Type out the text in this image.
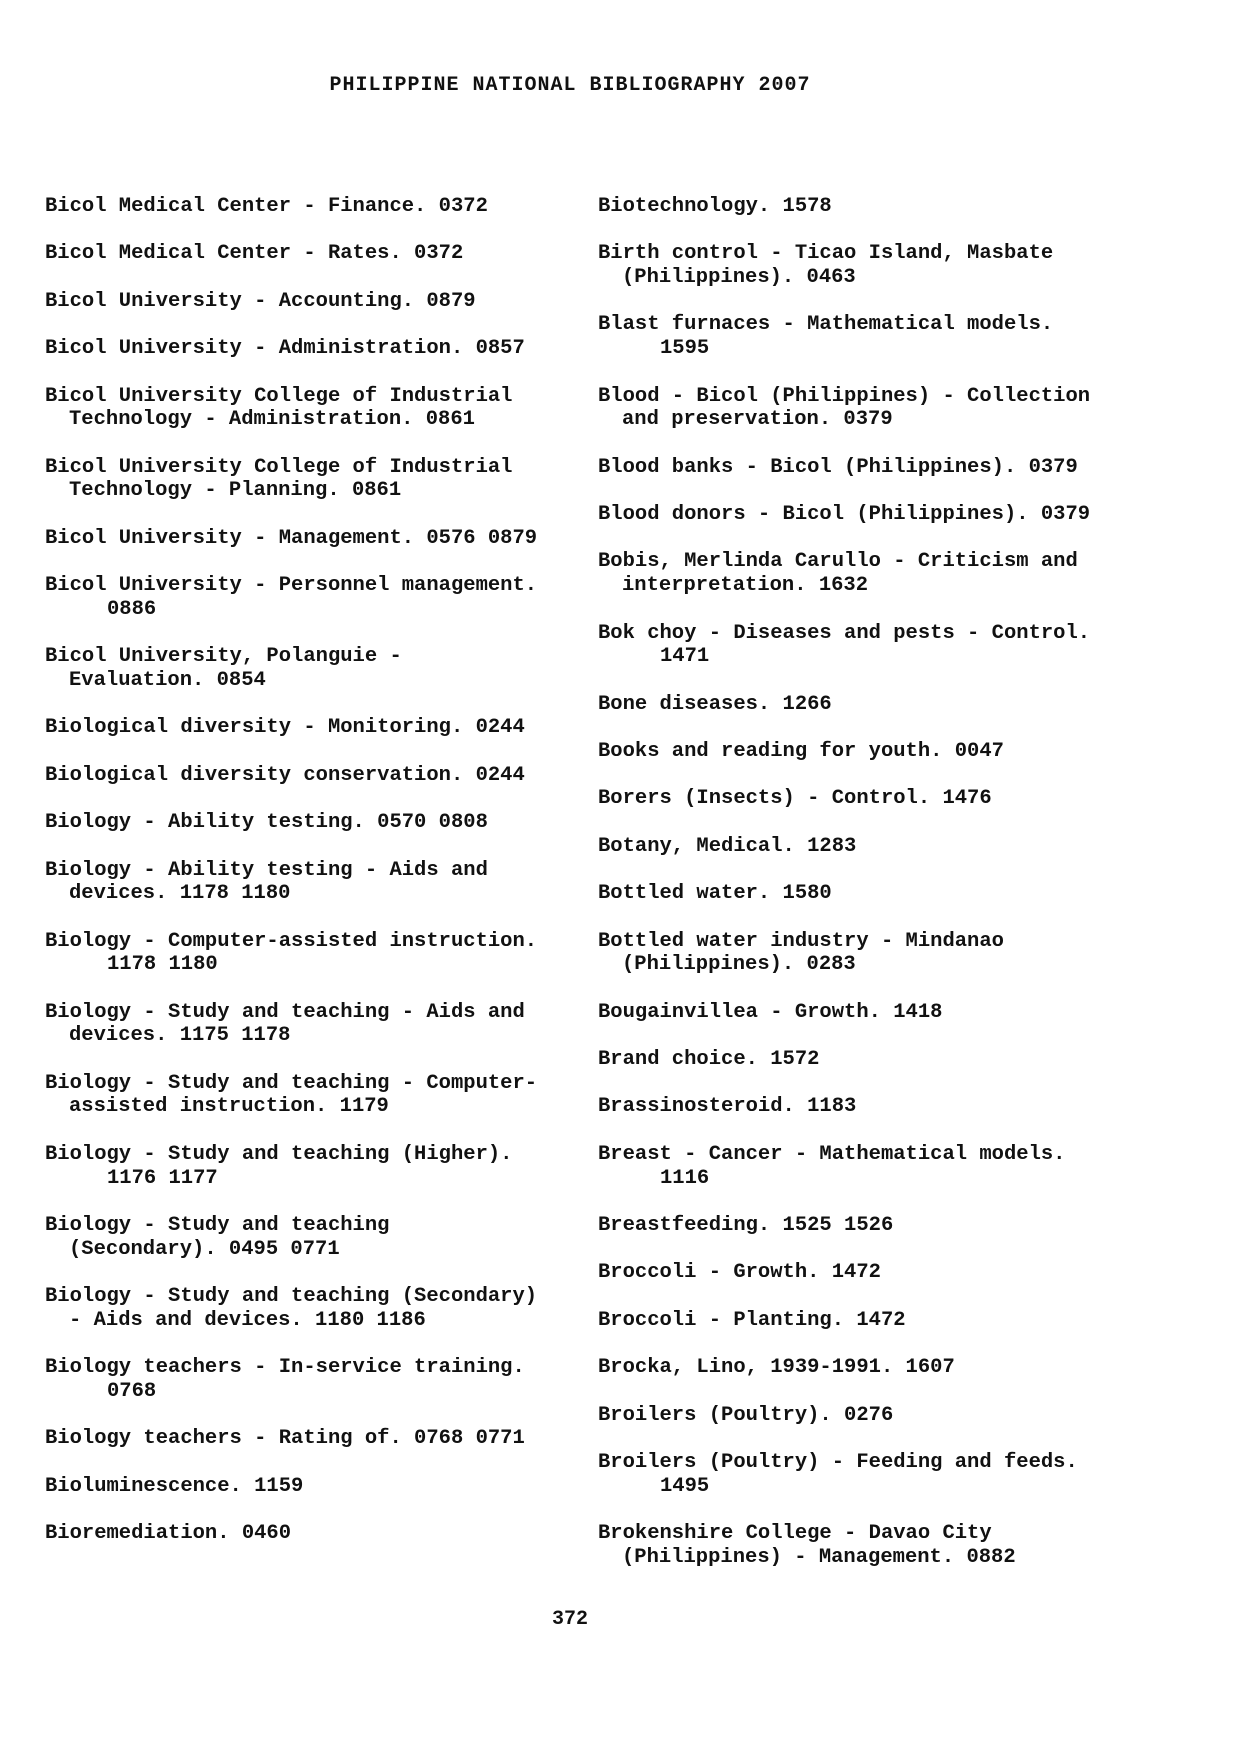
PHILIPPINE NATIONAL BIBLIOGRAPHY 2007
Bicol Medical Center - Finance. 0372
Bicol Medical Center - Rates. 0372
Bicol University - Accounting. 0879
Bicol University - Administration. 0857
Bicol University College of Industrial
Technology - Administration. 0861
Bicol University College of Industrial
Technology - Planning. 0861
Bicol University - Management. 0576 0879
Bicol University - Personnel management.
0886
Bicol University, Polanguie -
Evaluation. 0854
Biological diversity - Monitoring. 0244
Biological diversity conservation. 0244
Biology - Ability testing. 0570 0808
Biology - Ability testing - Aids and
devices. 1178 1180
Biology - Computer-assisted instruction.
1178 1180
Biology - Study and teaching - Aids and
devices. 1175 1178
Biology - Study and teaching - Computer-
assisted instruction. 1179
Biology - Study and teaching (Higher).
1176 1177
Biology - Study and teaching
(Secondary). 0495 0771
Biology - Study and teaching (Secondary)
- Aids and devices. 1180 1186
Biology teachers - In-service training.
0768
Biology teachers - Rating of. 0768 0771
Bioluminescence. 1159
Bioremediation. 0460
Biotechnology. 1578
Birth control - Ticao Island, Masbate
(Philippines). 0463
Blast furnaces - Mathematical models.
1595
Blood - Bicol (Philippines) - Collection
and preservation. 0379
Blood banks - Bicol (Philippines). 0379
Blood donors - Bicol (Philippines). 0379
Bobis, Merlinda Carullo - Criticism and
interpretation. 1632
Bok choy - Diseases and pests - Control.
1471
Bone diseases. 1266
Books and reading for youth. 0047
Borers (Insects) - Control. 1476
Botany, Medical. 1283
Bottled water. 1580
Bottled water industry - Mindanao
(Philippines). 0283
Bougainvillea - Growth. 1418
Brand choice. 1572
Brassinosteroid. 1183
Breast - Cancer - Mathematical models.
1116
Breastfeeding. 1525 1526
Broccoli - Growth. 1472
Broccoli - Planting. 1472
Brocka, Lino, 1939-1991. 1607
Broilers (Poultry). 0276
Broilers (Poultry) - Feeding and feeds.
1495
Brokenshire College - Davao City
(Philippines) - Management. 0882
372
